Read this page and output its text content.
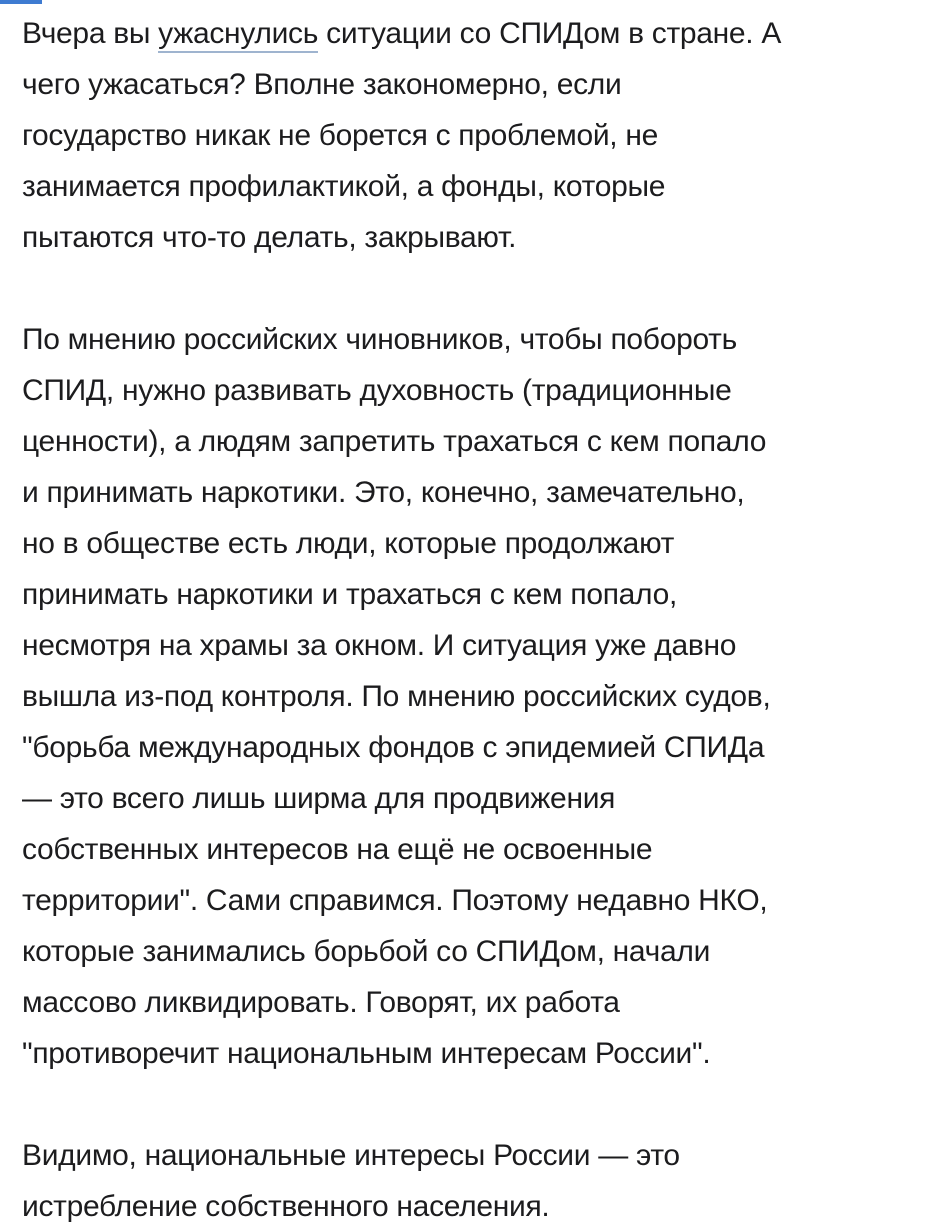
Вчера вы ужаснулись ситуации со СПИДом в стране. А
чего ужасаться? Вполне закономерно, если
государство никак не борется с проблемой, не
занимается профилактикой, а фонды, которые
пытаются что-то делать, закрывают.

По мнению российских чиновников, чтобы побороть
СПИД, нужно развивать духовность (традиционные
ценности), а людям запретить трахаться с кем попало
и принимать наркотики. Это, конечно, замечательно,
но в обществе есть люди, которые продолжают
принимать наркотики и трахаться с кем попало,
несмотря на храмы за окном. И ситуация уже давно
вышла из-под контроля. По мнению российских судов,
"борьба международных фондов с эпидемией СПИДа
— это всего лишь ширма для продвижения
собственных интересов на ещё не освоенные
территории". Сами справимся. Поэтому недавно НКО,
которые занимались борьбой со СПИДом, начали
массово ликвидировать. Говорят, их работа
"противоречит национальным интересам России".

Видимо, национальные интересы России — это
истребление собственного населения.
